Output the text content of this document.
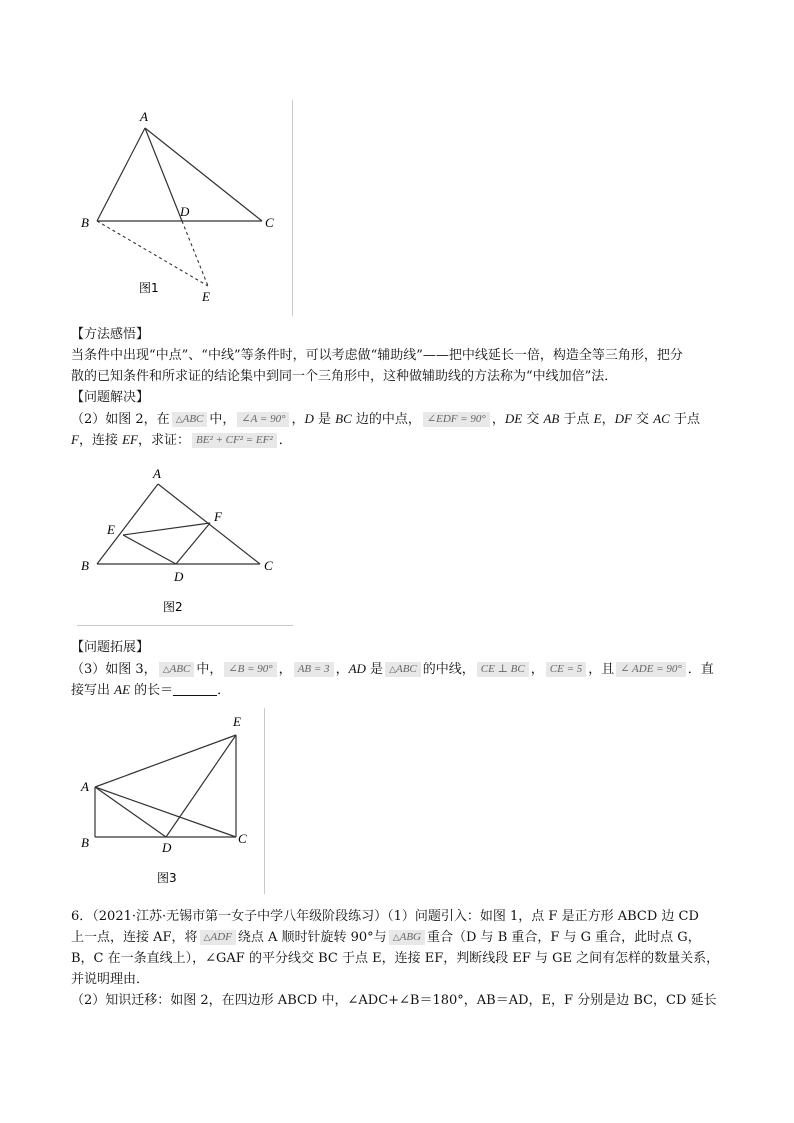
A
B	C
D
E
图1
【方法感悟】
当条件中出现“中点”、“中线”等条件时，可以考虑做“辅助线”——把中线延长一倍，构造全等三角形，把分
散的已知条件和所求证的结论集中到同一个三角形中，这种做辅助线的方法称为“中线加倍”法．
【问题解决】
（2）如图 2，在 △ABC 中， ∠A = 90° ，D 是 BC 边的中点， ∠EDF = 90° ，DE 交 AB 于点 E，DF 交 AC 于点
F，连接 EF，求证： BE² + CF² = EF² ．
A
B	C
D
E
F
图2
【问题拓展】
（3）如图 3， △ABC 中， ∠B = 90° ， AB = 3 ，AD 是 △ABC 的中线， CE ⊥ BC ， CE = 5 ，且 ∠ ADE = 90° ．直
接写出 AE 的长＝	．
A
B	C
D
E
图3
6．（2021·江苏·无锡市第一女子中学八年级阶段练习）（1）问题引入：如图 1，点 F 是正方形 ABCD 边 CD
上一点，连接 AF，将 △ADF 绕点 A 顺时针旋转 90°与 △ABG 重合（D 与 B 重合，F 与 G 重合，此时点 G，
B，C 在一条直线上），∠GAF 的平分线交 BC 于点 E，连接 EF，判断线段 EF 与 GE 之间有怎样的数量关系，
并说明理由．
（2）知识迁移：如图 2，在四边形 ABCD 中，∠ADC+∠B＝180°，AB＝AD，E，F 分别是边 BC，CD 延长
